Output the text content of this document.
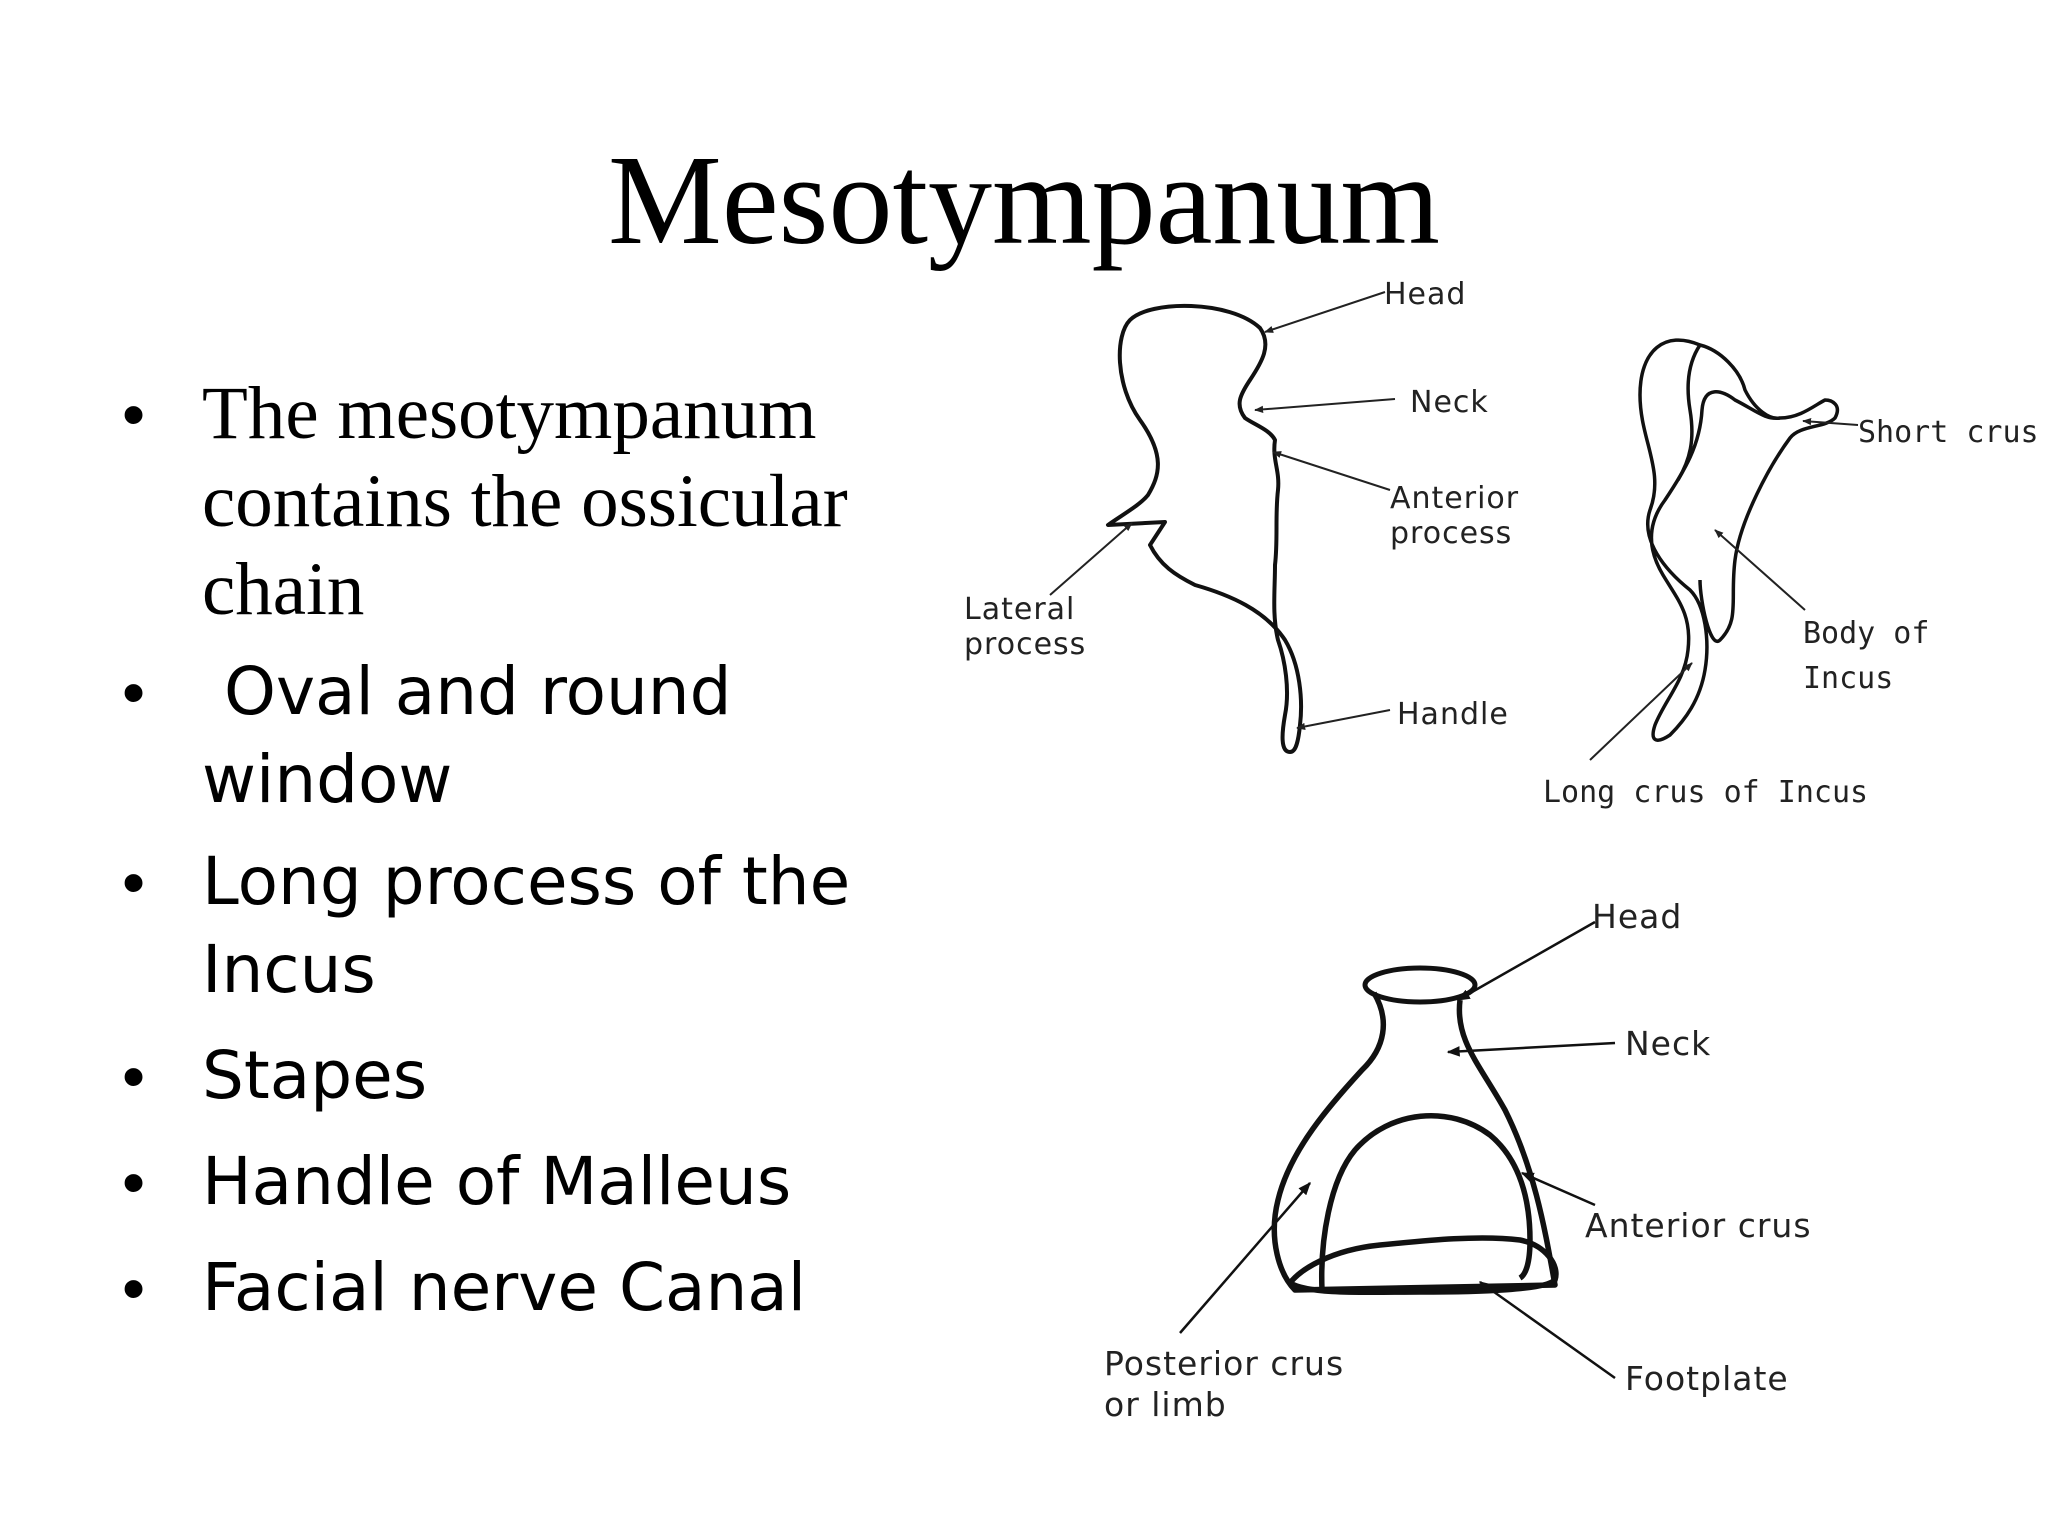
Mesotympanum
• The mesotympanum contains the ossicular chain
• Oval and round window
• Long process of the Incus
• Stapes
• Handle of Malleus
• Facial nerve Canal
Head
Neck
Anterior
process
Lateral
process
Handle
Short crus
Body of
Incus
Long crus of Incus
Head
Neck
Anterior crus
Posterior crus
or limb
Footplate
